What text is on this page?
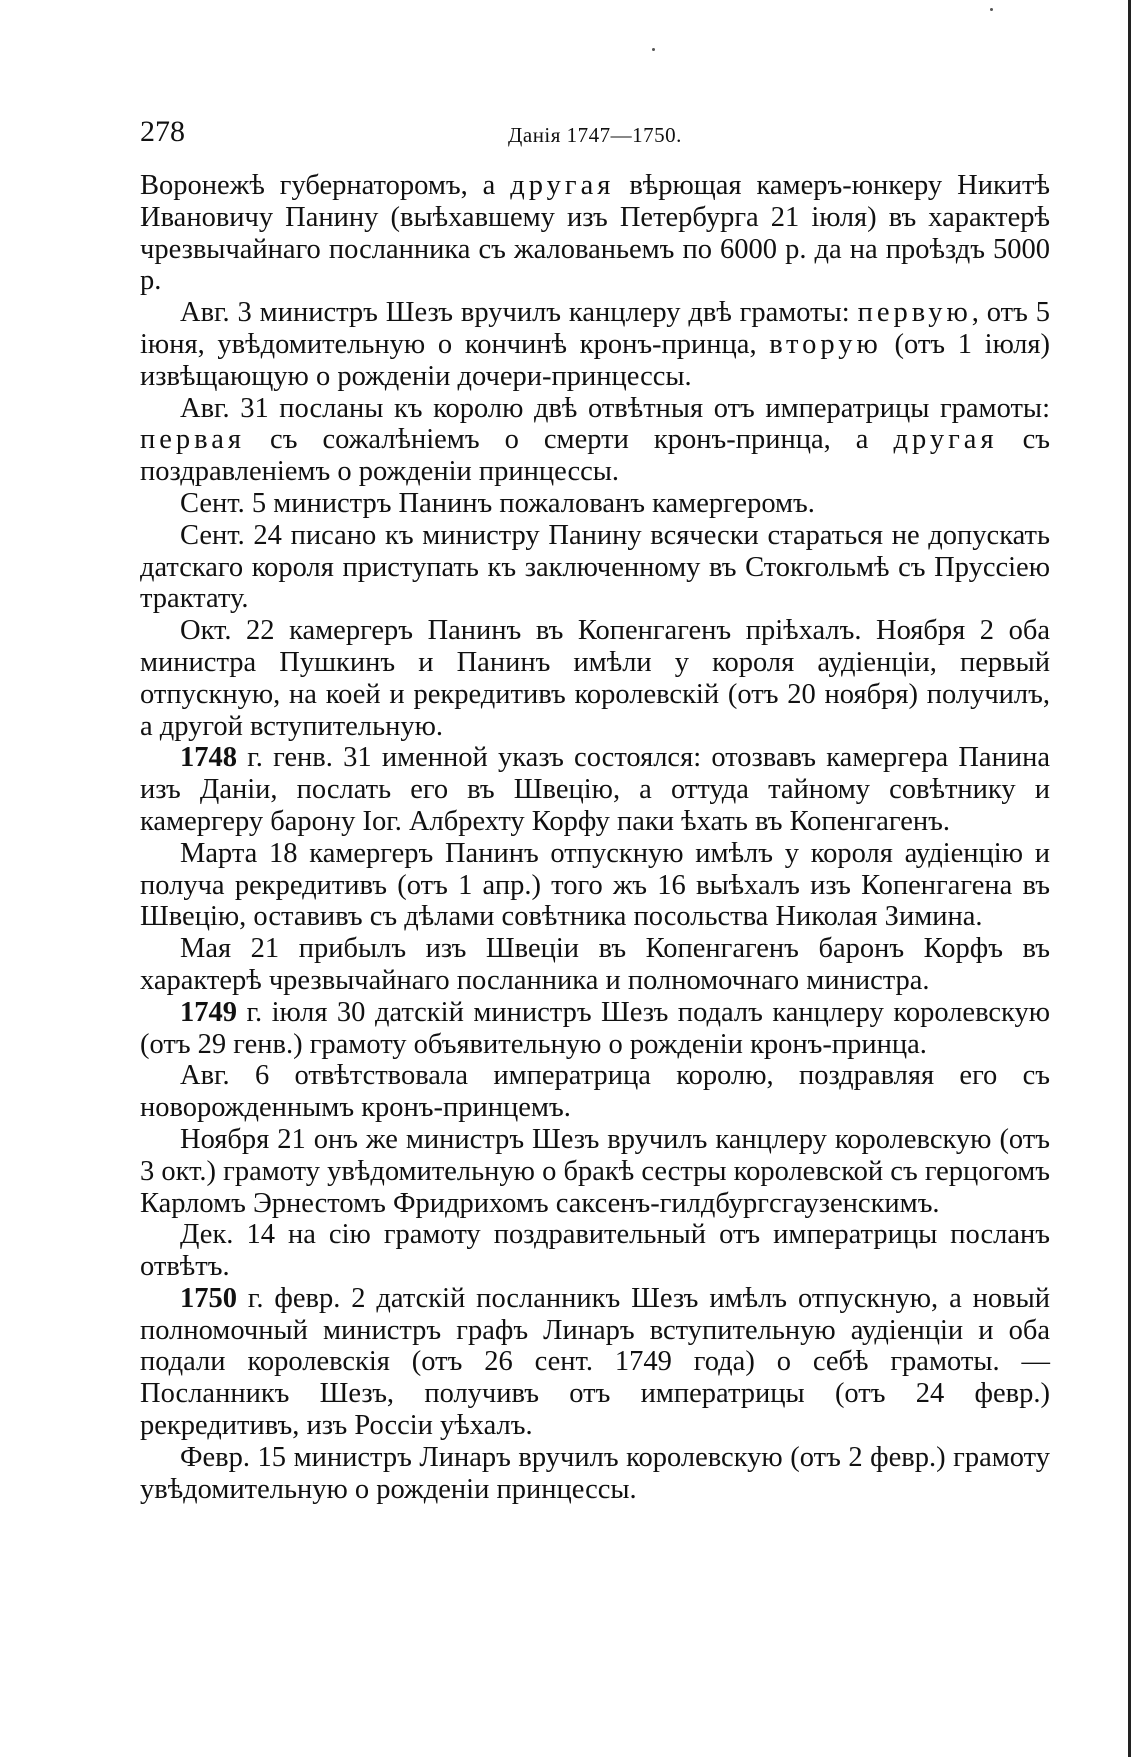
278	Данія 1747—1750.

Воронежѣ губернаторомъ, а другая вѣрющая камеръ-юнкеру Никитѣ Ивановичу Панину (выѣхавшему изъ Петербурга 21 іюля) въ характерѣ чрезвычайнаго посланника съ жалованьемъ по 6000 р. да на проѣздъ 5000 р.

Авг. 3 министръ Шезъ вручилъ канцлеру двѣ грамоты: первую, отъ 5 іюня, увѣдомительную о кончинѣ кронъ-принца, вторую (отъ 1 іюля) извѣщающую о рожденіи дочери-принцессы.

Авг. 31 посланы къ королю двѣ отвѣтныя отъ императрицы грамоты: первая съ сожалѣніемъ о смерти кронъ-принца, а другая съ поздравленіемъ о рожденіи принцессы.

Сент. 5 министръ Панинъ пожалованъ камергеромъ.

Сент. 24 писано къ министру Панину всячески стараться не допускать датскаго короля приступать къ заключенному въ Стокгольмѣ съ Пруссіею трактату.

Окт. 22 камергеръ Панинъ въ Копенгагенъ пріѣхалъ. Ноября 2 оба министра Пушкинъ и Панинъ имѣли у короля аудіенціи, первый отпускную, на коей и рекредитивъ королевскій (отъ 20 ноября) получилъ, а другой вступительную.

1748 г. генв. 31 именной указъ состоялся: отозвавъ камергера Панина изъ Даніи, послать его въ Швецію, а оттуда тайному совѣтнику и камергеру барону Іог. Албрехту Корфу паки ѣхать въ Копенгагенъ.

Марта 18 камергеръ Панинъ отпускную имѣлъ у короля аудіенцію и получа рекредитивъ (отъ 1 апр.) того жъ 16 выѣхалъ изъ Копенгагена въ Швецію, оставивъ съ дѣлами совѣтника посольства Николая Зимина.

Мая 21 прибылъ изъ Швеціи въ Копенгагенъ баронъ Корфъ въ характерѣ чрезвычайнаго посланника и полномочнаго министра.

1749 г. іюля 30 датскій министръ Шезъ подалъ канцлеру королевскую (отъ 29 генв.) грамоту объявительную о рожденіи кронъ-принца.

Авг. 6 отвѣтствовала императрица королю, поздравляя его съ новорожденнымъ кронъ-принцемъ.

Ноября 21 онъ же министръ Шезъ вручилъ канцлеру королевскую (отъ 3 окт.) грамоту увѣдомительную о бракѣ сестры королевской съ герцогомъ Карломъ Эрнестомъ Фридрихомъ саксенъ-гилдбургсгаузенскимъ.

Дек. 14 на сію грамоту поздравительный отъ императрицы посланъ отвѣтъ.

1750 г. февр. 2 датскій посланникъ Шезъ имѣлъ отпускную, а новый полномочный министръ графъ Линаръ вступительную аудіенціи и оба подали королевскія (отъ 26 сент. 1749 года) о себѣ грамоты. — Посланникъ Шезъ, получивъ отъ императрицы (отъ 24 февр.) рекредитивъ, изъ Россіи уѣхалъ.

Февр. 15 министръ Линаръ вручилъ королевскую (отъ 2 февр.) грамоту увѣдомительную о рожденіи принцессы.
